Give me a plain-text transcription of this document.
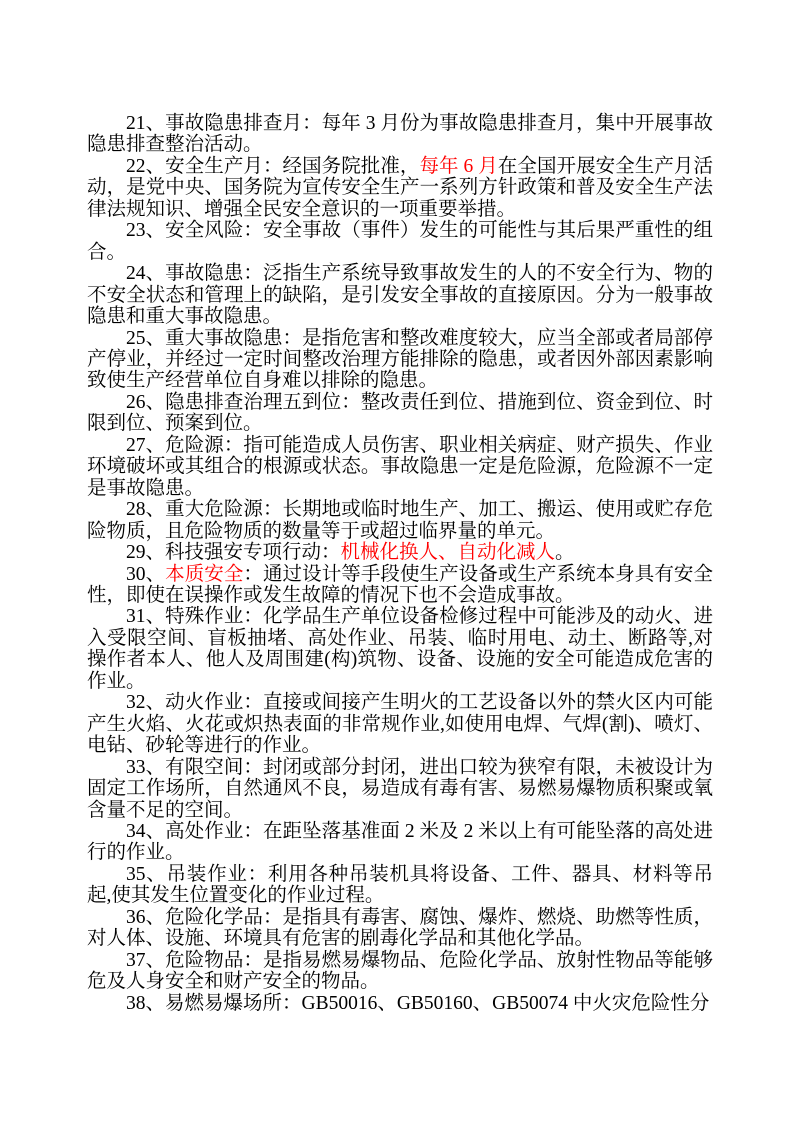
21、事故隐患排查月：每年 3 月份为事故隐患排查月，集中开展事故隐患排查整治活动。

22、安全生产月：经国务院批准，每年 6 月在全国开展安全生产月活动，是党中央、国务院为宣传安全生产一系列方针政策和普及安全生产法律法规知识、增强全民安全意识的一项重要举措。

23、安全风险：安全事故（事件）发生的可能性与其后果严重性的组合。

24、事故隐患：泛指生产系统导致事故发生的人的不安全行为、物的不安全状态和管理上的缺陷，是引发安全事故的直接原因。分为一般事故隐患和重大事故隐患。

25、重大事故隐患：是指危害和整改难度较大，应当全部或者局部停产停业，并经过一定时间整改治理方能排除的隐患，或者因外部因素影响致使生产经营单位自身难以排除的隐患。

26、隐患排查治理五到位：整改责任到位、措施到位、资金到位、时限到位、预案到位。

27、危险源：指可能造成人员伤害、职业相关病症、财产损失、作业环境破坏或其组合的根源或状态。事故隐患一定是危险源，危险源不一定是事故隐患。

28、重大危险源：长期地或临时地生产、加工、搬运、使用或贮存危险物质，且危险物质的数量等于或超过临界量的单元。

29、科技强安专项行动：机械化换人、自动化减人。

30、本质安全：通过设计等手段使生产设备或生产系统本身具有安全性，即使在误操作或发生故障的情况下也不会造成事故。

31、特殊作业：化学品生产单位设备检修过程中可能涉及的动火、进入受限空间、盲板抽堵、高处作业、吊装、临时用电、动土、断路等,对操作者本人、他人及周围建(构)筑物、设备、设施的安全可能造成危害的作业。

32、动火作业：直接或间接产生明火的工艺设备以外的禁火区内可能产生火焰、火花或炽热表面的非常规作业,如使用电焊、气焊(割)、喷灯、电钻、砂轮等进行的作业。

33、有限空间：封闭或部分封闭，进出口较为狭窄有限，未被设计为固定工作场所，自然通风不良，易造成有毒有害、易燃易爆物质积聚或氧含量不足的空间。

34、高处作业：在距坠落基准面 2 米及 2 米以上有可能坠落的高处进行的作业。

35、吊装作业：利用各种吊装机具将设备、工件、器具、材料等吊起,使其发生位置变化的作业过程。

36、危险化学品：是指具有毒害、腐蚀、爆炸、燃烧、助燃等性质，对人体、设施、环境具有危害的剧毒化学品和其他化学品。

37、危险物品：是指易燃易爆物品、危险化学品、放射性物品等能够危及人身安全和财产安全的物品。

38、易燃易爆场所：GB50016、GB50160、GB50074 中火灾危险性分
